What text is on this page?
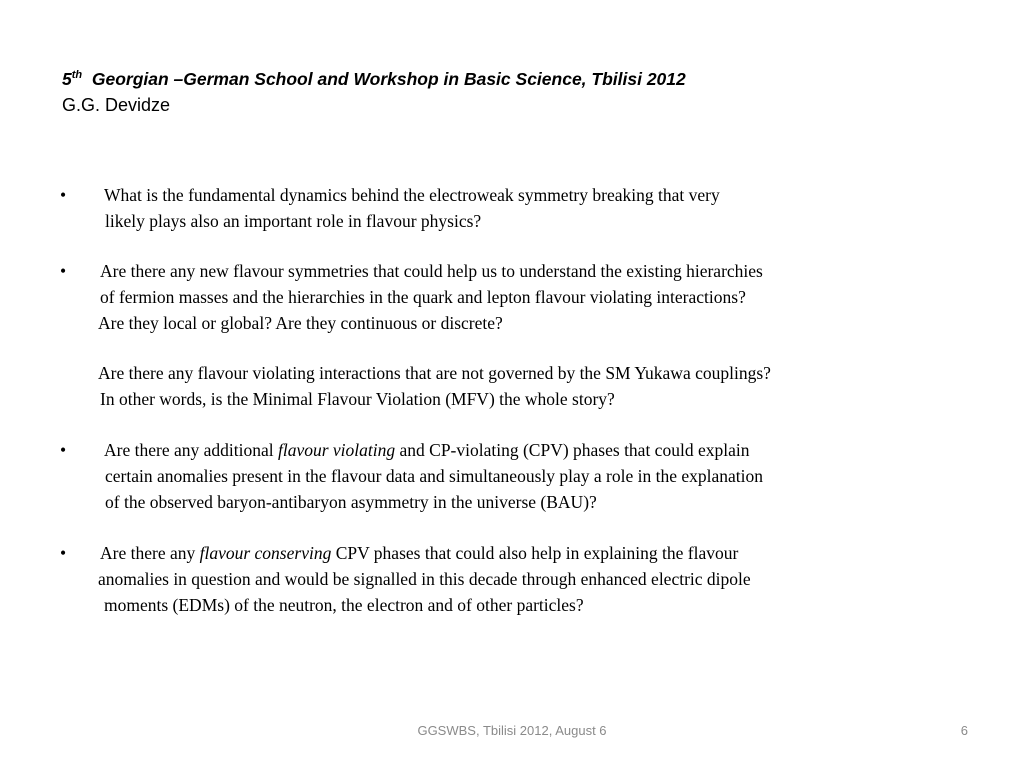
5th Georgian –German School and Workshop in Basic Science, Tbilisi 2012

G.G. Devidze

• What is the fundamental dynamics behind the electroweak symmetry breaking that very
likely plays also an important role in flavour physics?
• Are there any new flavour symmetries that could help us to understand the existing hierarchies
of fermion masses and the hierarchies in the quark and lepton flavour violating interactions?
Are they local or global? Are they continuous or discrete?
Are there any flavour violating interactions that are not governed by the SM Yukawa couplings?
In other words, is the Minimal Flavour Violation (MFV) the whole story?
• Are there any additional flavour violating and CP-violating (CPV) phases that could explain
certain anomalies present in the flavour data and simultaneously play a role in the explanation
of the observed baryon-antibaryon asymmetry in the universe (BAU)?
• Are there any flavour conserving CPV phases that could also help in explaining the flavour
anomalies in question and would be signalled in this decade through enhanced electric dipole
moments (EDMs) of the neutron, the electron and of other particles?
GGSWBS, Tbilisi 2012, August 6	6
